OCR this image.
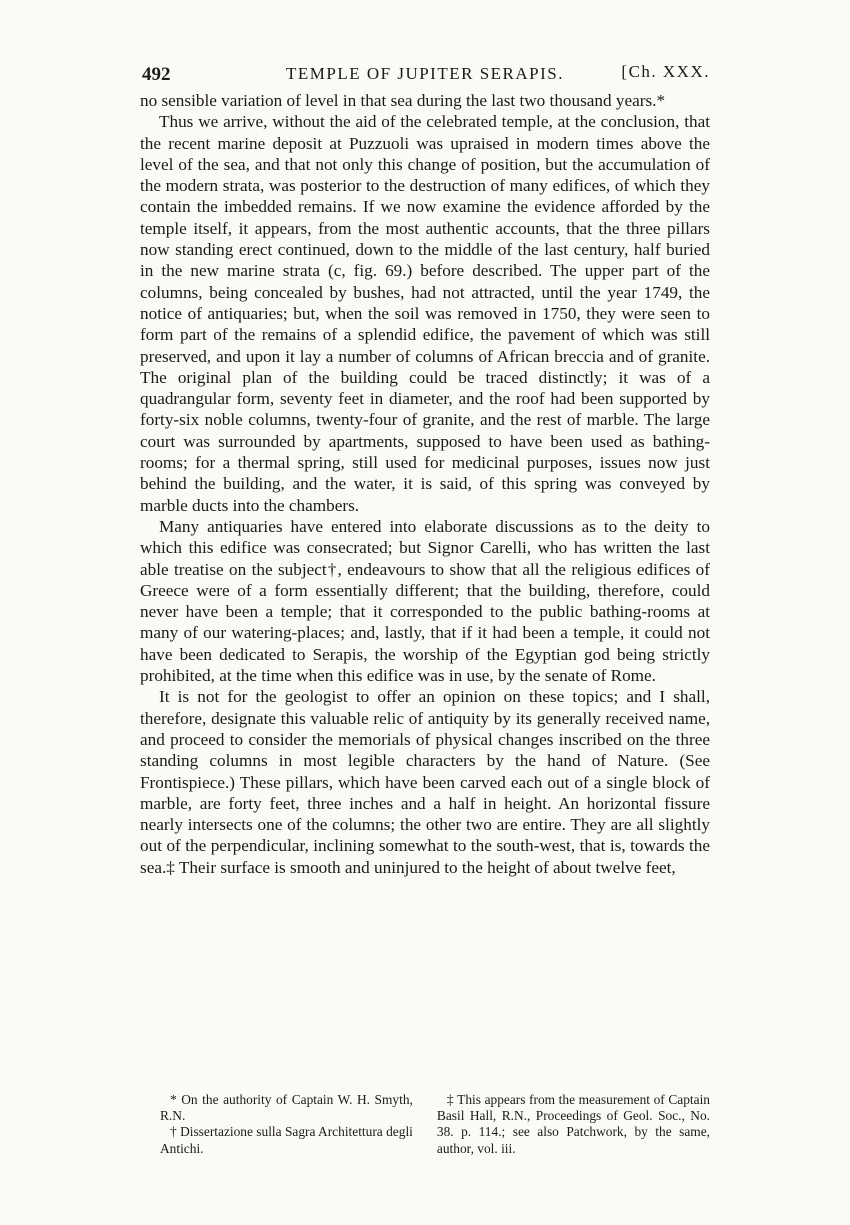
492	TEMPLE OF JUPITER SERAPIS.	[Ch. XXX.

no sensible variation of level in that sea during the last two thousand years.*

Thus we arrive, without the aid of the celebrated temple, at the conclusion, that the recent marine deposit at Puzzuoli was upraised in modern times above the level of the sea, and that not only this change of position, but the accumulation of the modern strata, was posterior to the destruction of many edifices, of which they contain the imbedded remains. If we now examine the evidence afforded by the temple itself, it appears, from the most authentic accounts, that the three pillars now standing erect continued, down to the middle of the last century, half buried in the new marine strata (c, fig. 69.) before described. The upper part of the columns, being concealed by bushes, had not attracted, until the year 1749, the notice of antiquaries; but, when the soil was removed in 1750, they were seen to form part of the remains of a splendid edifice, the pavement of which was still preserved, and upon it lay a number of columns of African breccia and of granite. The original plan of the building could be traced distinctly; it was of a quadrangular form, seventy feet in diameter, and the roof had been supported by forty-six noble columns, twenty-four of granite, and the rest of marble. The large court was surrounded by apartments, supposed to have been used as bathing-rooms; for a thermal spring, still used for medicinal purposes, issues now just behind the building, and the water, it is said, of this spring was conveyed by marble ducts into the chambers.

Many antiquaries have entered into elaborate discussions as to the deity to which this edifice was consecrated; but Signor Carelli, who has written the last able treatise on the subject†, endeavours to show that all the religious edifices of Greece were of a form essentially different; that the building, therefore, could never have been a temple; that it corresponded to the public bathing-rooms at many of our watering-places; and, lastly, that if it had been a temple, it could not have been dedicated to Serapis, the worship of the Egyptian god being strictly prohibited, at the time when this edifice was in use, by the senate of Rome.

It is not for the geologist to offer an opinion on these topics; and I shall, therefore, designate this valuable relic of antiquity by its generally received name, and proceed to consider the memorials of physical changes inscribed on the three standing columns in most legible characters by the hand of Nature. (See Frontispiece.) These pillars, which have been carved each out of a single block of marble, are forty feet, three inches and a half in height. An horizontal fissure nearly intersects one of the columns; the other two are entire. They are all slightly out of the perpendicular, inclining somewhat to the south-west, that is, towards the sea.‡ Their surface is smooth and uninjured to the height of about twelve feet,

* On the authority of Captain W. H. Smyth, R.N.

† Dissertazione sulla Sagra Architettura degli Antichi.

‡ This appears from the measurement of Captain Basil Hall, R.N., Proceedings of Geol. Soc., No. 38. p. 114.; see also Patchwork, by the same, author, vol. iii.
